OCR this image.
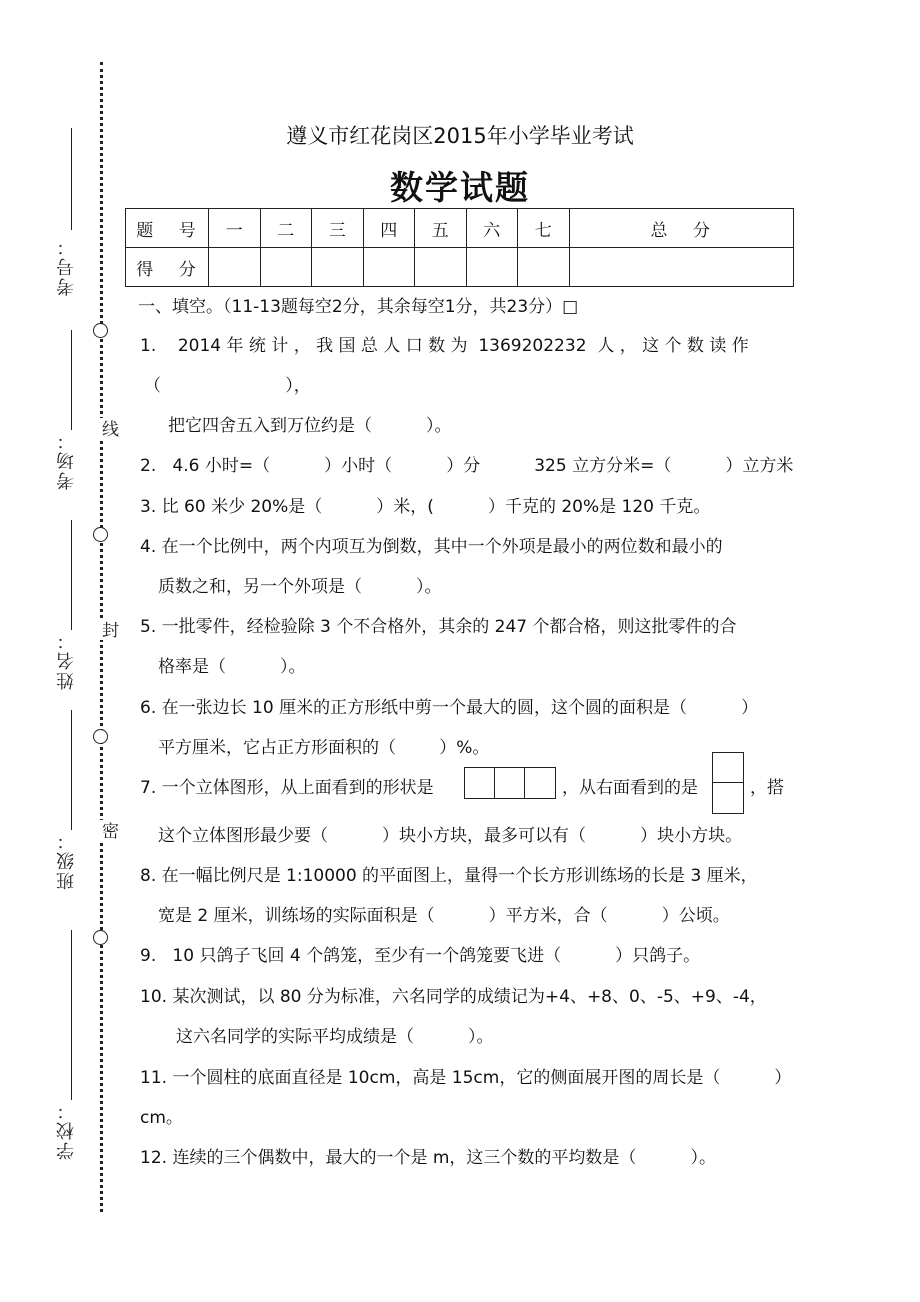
线
封
密
考号：
考场：
姓名：
班级：
学校：
遵义市红花岗区2015年小学毕业考试
数学试题
题 号	一	二	三	四	五	六	七	总 分
得 分								
一、填空。（11-13题每空2分，其余每空1分，共23分）□
1.    2014 年 统 计 ， 我 国 总 人 口 数 为  1369202232  人 ， 这 个 数 读 作
（                       ），
把它四舍五入到万位约是（          ）。
2.   4.6 小时=（          ）小时（          ）分          325 立方分米=（          ）立方米
3. 比 60 米少 20%是（          ）米，(          ）千克的 20%是 120 千克。
4. 在一个比例中，两个内项互为倒数，其中一个外项是最小的两位数和最小的
质数之和，另一个外项是（          ）。
5. 一批零件，经检验除 3 个不合格外，其余的 247 个都合格，则这批零件的合
格率是（          ）。
6. 在一张边长 10 厘米的正方形纸中剪一个最大的圆，这个圆的面积是（          ）
平方厘米，它占正方形面积的（        ）%。
7. 一个立体图形，从上面看到的形状是	，从右面看到的是	，搭
这个立体图形最少要（          ）块小方块，最多可以有（          ）块小方块。
8. 在一幅比例尺是 1:10000 的平面图上，量得一个长方形训练场的长是 3 厘米，
宽是 2 厘米，训练场的实际面积是（          ）平方米，合（          ）公顷。
9.   10 只鸽子飞回 4 个鸽笼，至少有一个鸽笼要飞进（          ）只鸽子。
10. 某次测试，以 80 分为标准，六名同学的成绩记为+4、+8、0、-5、+9、-4，
这六名同学的实际平均成绩是（          ）。
11. 一个圆柱的底面直径是 10cm，高是 15cm，它的侧面展开图的周长是（          ）
cm。
12. 连续的三个偶数中，最大的一个是 m，这三个数的平均数是（          ）。
